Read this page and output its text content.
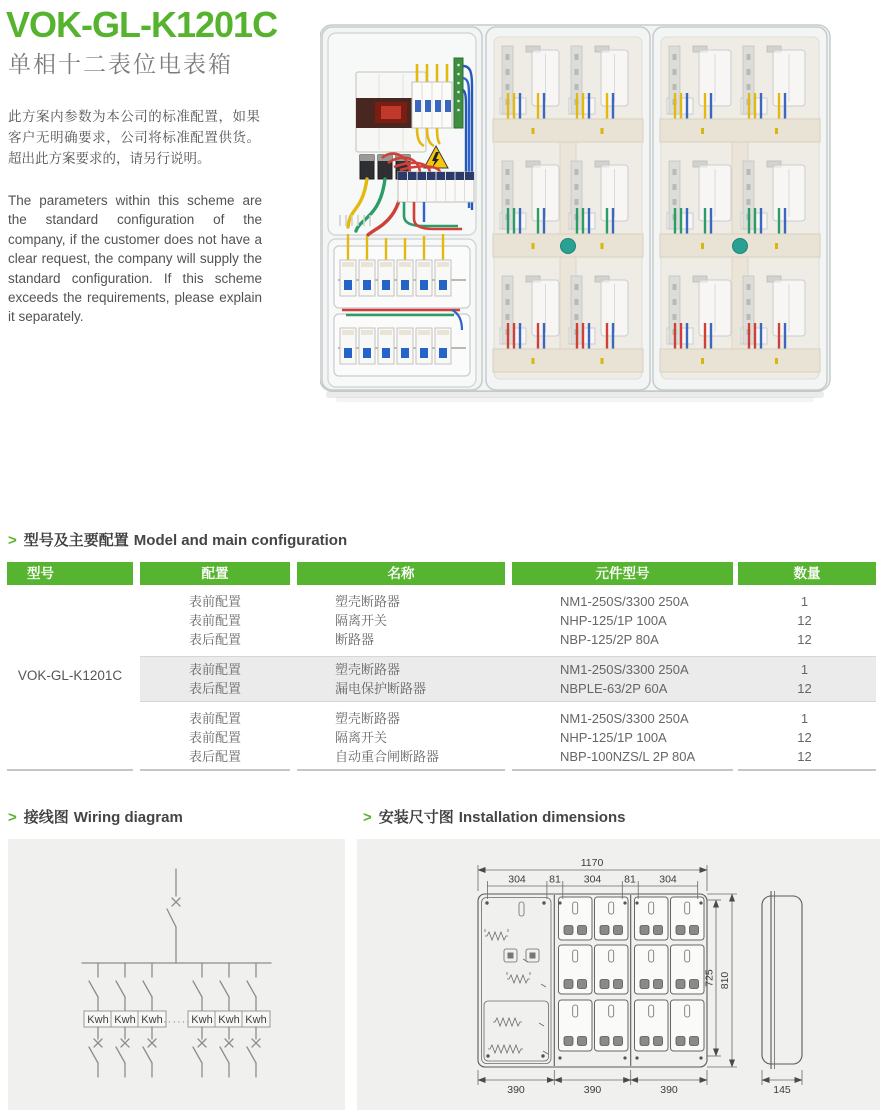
VOK-GL-K1201C
单相十二表位电表箱
此方案内参数为本公司的标准配置，如果客户无明确要求，公司将标准配置供货。超出此方案要求的，请另行说明。
The parameters within this scheme are the standard configuration of the company, if the customer does not have a clear request, the company will supply the standard configuration. If this scheme exceeds the requirements, please explain it separately.
> 型号及主要配置 Model and main configuration
型号	配置	名称	元件型号	数量
VOK-GL-K1201C
表前配置	塑壳断路器	NM1-250S/3300 250A	1
表前配置	隔离开关	NHP-125/1P 100A	12
表后配置	断路器	NBP-125/2P 80A	12
表前配置	塑壳断路器	NM1-250S/3300 250A	1
表后配置	漏电保护断路器	NBPLE-63/2P 60A	12
表前配置	塑壳断路器	NM1-250S/3300 250A	1
表前配置	隔离开关	NHP-125/1P 100A	12
表后配置	自动重合闸断路器	NBP-100NZS/L 2P 80A	12
> 接线图 Wiring diagram	> 安装尺寸图 Installation dimensions
Kwh Kwh Kwh	Kwh Kwh Kwh
······
1170
304 81 304 81 304
390	390	390
725 810
145
